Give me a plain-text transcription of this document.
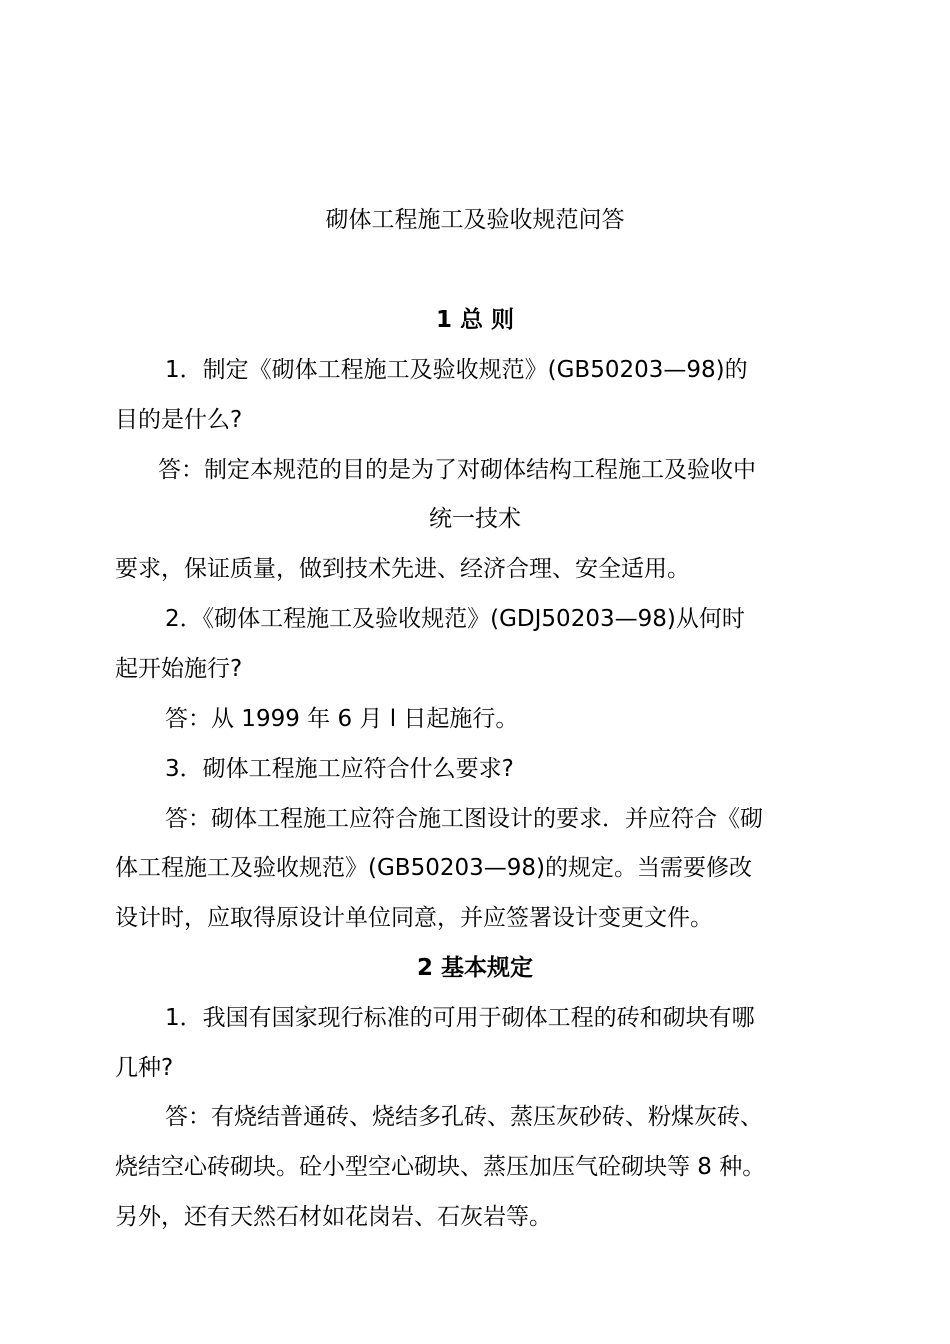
砌体工程施工及验收规范问答
1 总 则
1．制定《砌体工程施工及验收规范》(GB50203—98)的
目的是什么?
答：制定本规范的目的是为了对砌体结构工程施工及验收中
统一技术
要求，保证质量，做到技术先进、经济合理、安全适用。
2．《砌体工程施工及验收规范》(GDJ50203—98)从何时
起开始施行?
答：从 1999 年 6 月 l 日起施行。
3．砌体工程施工应符合什么要求?
答：砌体工程施工应符合施工图设计的要求．并应符合《砌
体工程施工及验收规范》(GB50203—98)的规定。当需要修改
设计时，应取得原设计单位同意，并应签署设计变更文件。
2 基本规定
1．我国有国家现行标准的可用于砌体工程的砖和砌块有哪
几种?
答：有烧结普通砖、烧结多孔砖、蒸压灰砂砖、粉煤灰砖、
烧结空心砖砌块。砼小型空心砌块、蒸压加压气砼砌块等 8 种。
另外，还有天然石材如花岗岩、石灰岩等。
